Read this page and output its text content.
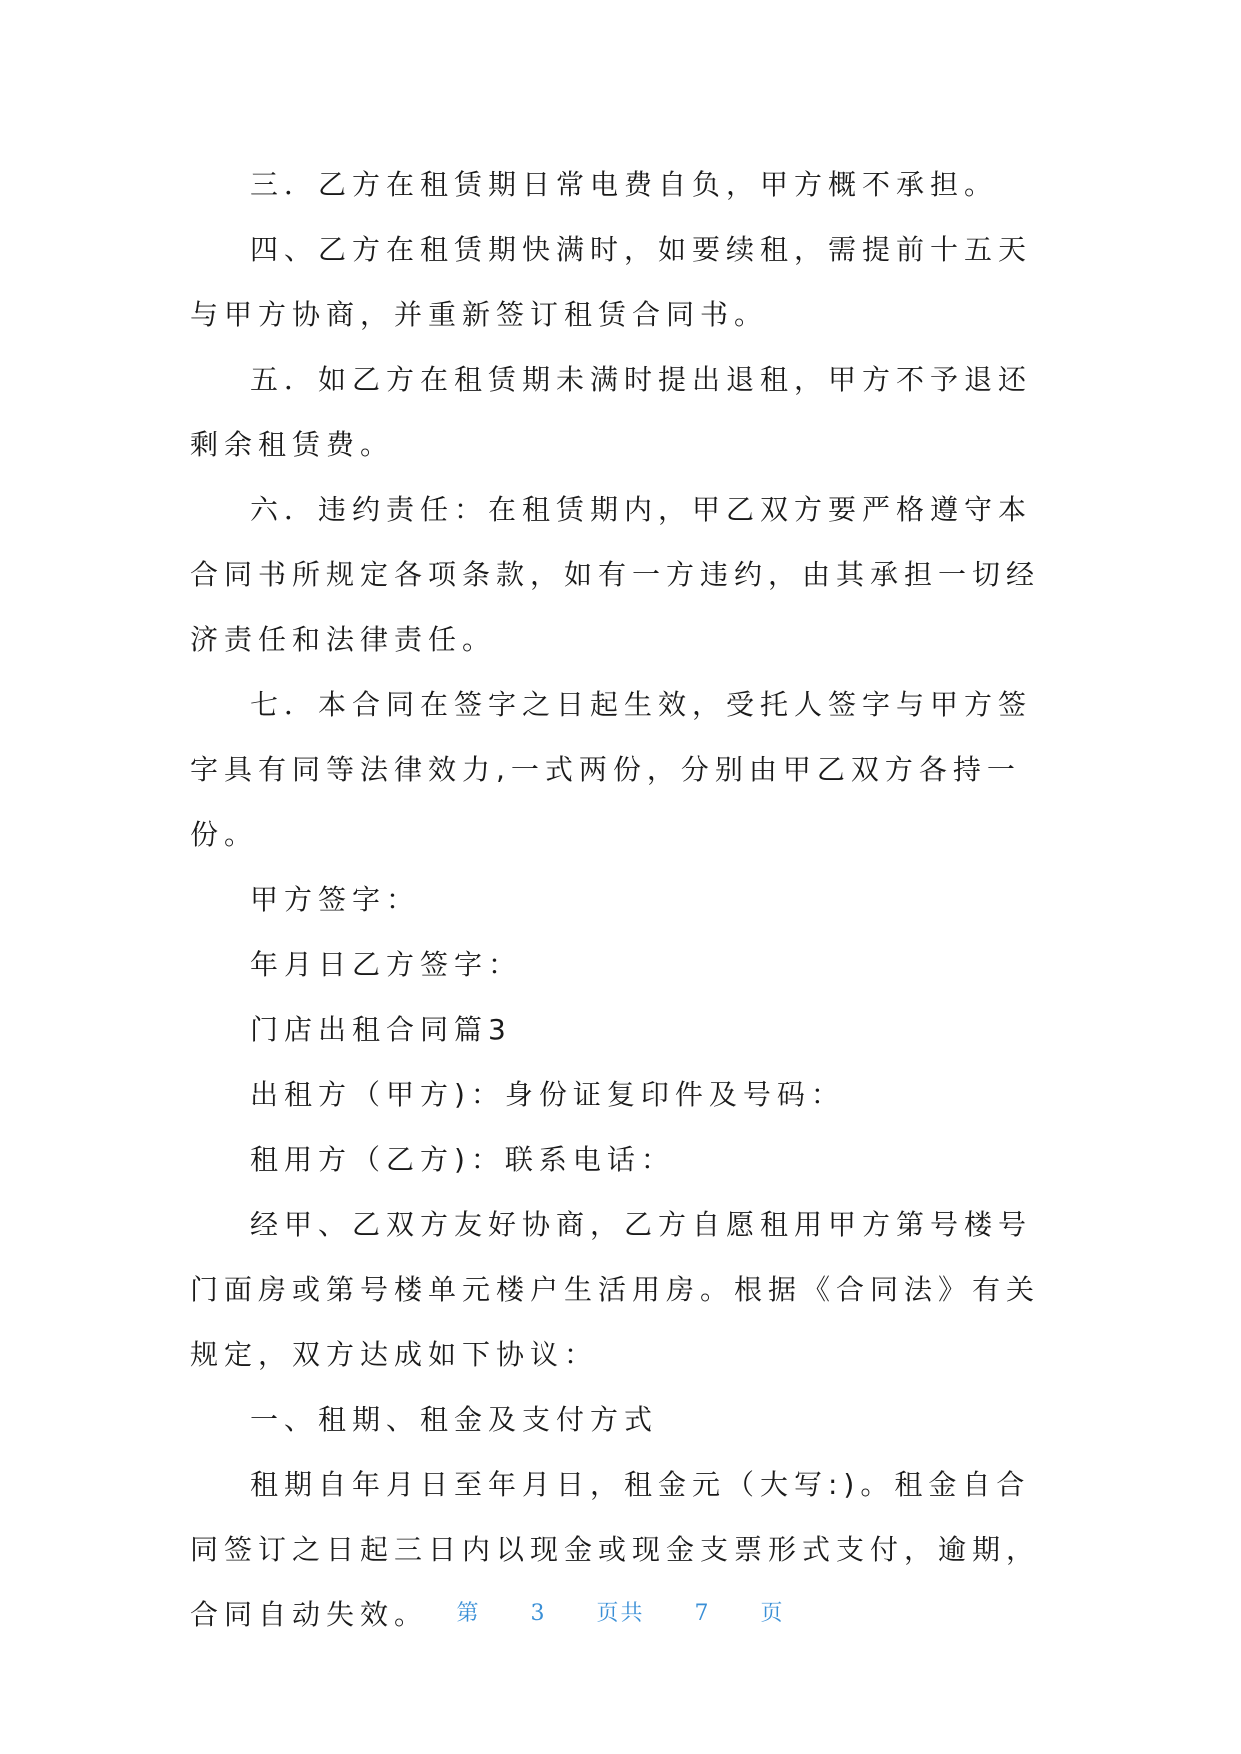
三．乙方在租赁期日常电费自负，甲方概不承担。

四、乙方在租赁期快满时，如要续租，需提前十五天与甲方协商，并重新签订租赁合同书。

五．如乙方在租赁期未满时提出退租，甲方不予退还剩余租赁费。

六．违约责任：在租赁期内，甲乙双方要严格遵守本合同书所规定各项条款，如有一方违约，由其承担一切经济责任和法律责任。

七．本合同在签字之日起生效，受托人签字与甲方签字具有同等法律效力,一式两份，分别由甲乙双方各持一份。

甲方签字：

年月日乙方签字：

门店出租合同篇3

出租方（甲方)：身份证复印件及号码：

租用方（乙方)：联系电话：

经甲、乙双方友好协商，乙方自愿租用甲方第号楼号门面房或第号楼单元楼户生活用房。根据《合同法》有关规定，双方达成如下协议：

一、租期、租金及支付方式

租期自年月日至年月日，租金元（大写:)。租金自合同签订之日起三日内以现金或现金支票形式支付，逾期，合同自动失效。	第 3 页共 7 页
